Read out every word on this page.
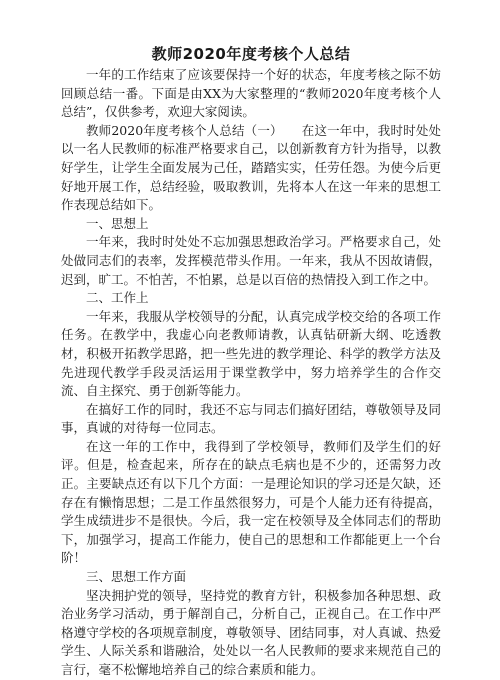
教师2020年度考核个人总结

一年的工作结束了应该要保持一个好的状态，年度考核之际不妨回顾总结一番。下面是由XX为大家整理的“教师2020年度考核个人总结”，仅供参考，欢迎大家阅读。

教师2020年度考核个人总结（一）　　在这一年中，我时时处处以一名人民教师的标准严格要求自己，以创新教育方针为指导，以教好学生，让学生全面发展为己任，踏踏实实，任劳任怨。为使今后更好地开展工作，总结经验，吸取教训，先将本人在这一年来的思想工作表现总结如下。

一、思想上

一年来，我时时处处不忘加强思想政治学习。严格要求自己，处处做同志们的表率，发挥模范带头作用。一年来，我从不因故请假，迟到，旷工。不怕苦，不怕累，总是以百倍的热情投入到工作之中。

二、工作上

一年来，我服从学校领导的分配，认真完成学校交给的各项工作任务。在教学中，我虚心向老教师请教，认真钻研新大纲、吃透教材，积极开拓教学思路，把一些先进的教学理论、科学的教学方法及先进现代教学手段灵活运用于课堂教学中，努力培养学生的合作交流、自主探究、勇于创新等能力。

在搞好工作的同时，我还不忘与同志们搞好团结，尊敬领导及同事，真诚的对待每一位同志。

在这一年的工作中，我得到了学校领导，教师们及学生们的好评。但是，检查起来，所存在的缺点毛病也是不少的，还需努力改正。主要缺点还有以下几个方面：一是理论知识的学习还是欠缺，还存在有懒惰思想；二是工作虽然很努力，可是个人能力还有待提高，学生成绩进步不是很快。今后，我一定在校领导及全体同志们的帮助下，加强学习，提高工作能力，使自己的思想和工作都能更上一个台阶！

三、思想工作方面

坚决拥护党的领导，坚持党的教育方针，积极参加各种思想、政治业务学习活动，勇于解剖自己，分析自己，正视自己。在工作中严格遵守学校的各项规章制度，尊敬领导、团结同事，对人真诚、热爱学生、人际关系和谐融洽，处处以一名人民教师的要求来规范自己的言行，毫不松懈地培养自己的综合素质和能力。
